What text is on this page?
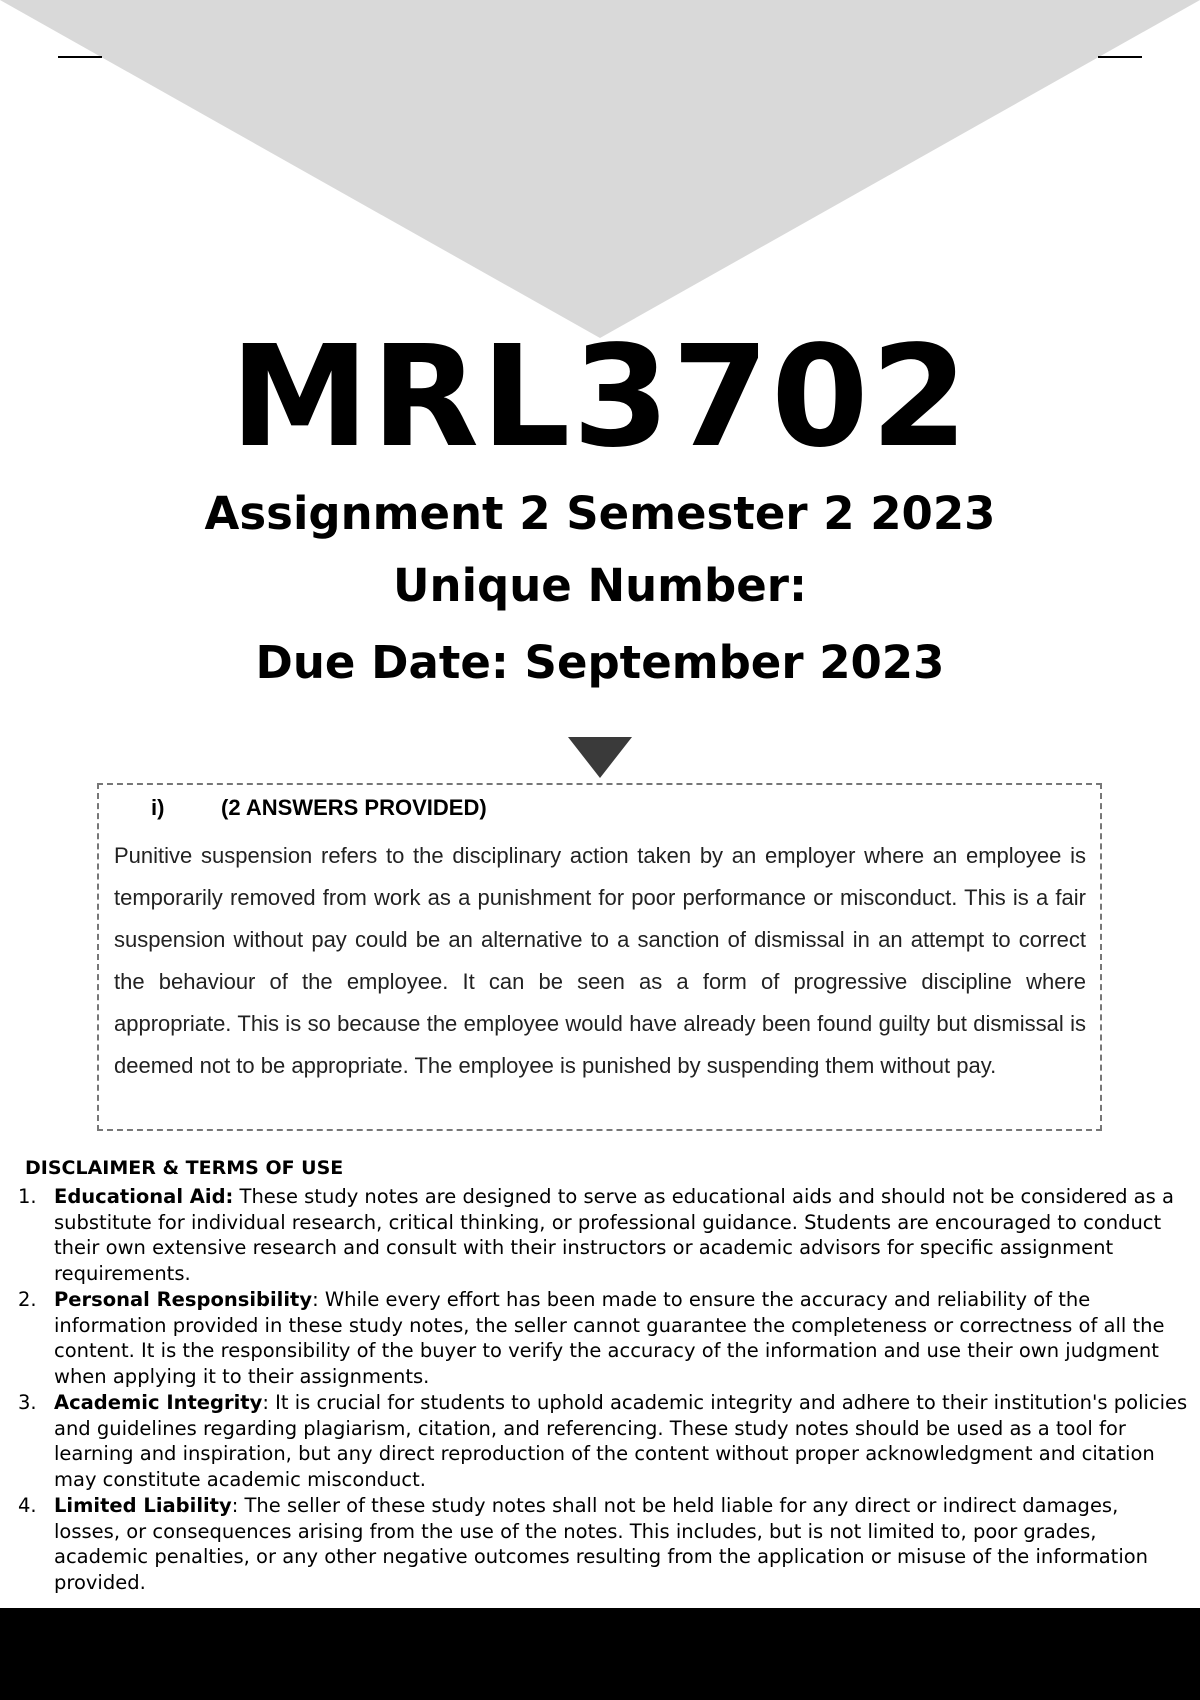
MRL3702
Assignment 2 Semester 2 2023
Unique Number:
Due Date: September 2023
i)	(2 ANSWERS PROVIDED)
Punitive suspension refers to the disciplinary action taken by an employer where an employee is temporarily removed from work as a punishment for poor performance or misconduct. This is a fair suspension without pay could be an alternative to a sanction of dismissal in an attempt to correct the behaviour of the employee. It can be seen as a form of progressive discipline where appropriate. This is so because the employee would have already been found guilty but dismissal is deemed not to be appropriate. The employee is punished by suspending them without pay.
DISCLAIMER & TERMS OF USE
1. Educational Aid: These study notes are designed to serve as educational aids and should not be considered as a substitute for individual research, critical thinking, or professional guidance. Students are encouraged to conduct their own extensive research and consult with their instructors or academic advisors for specific assignment requirements.
2. Personal Responsibility: While every effort has been made to ensure the accuracy and reliability of the information provided in these study notes, the seller cannot guarantee the completeness or correctness of all the content. It is the responsibility of the buyer to verify the accuracy of the information and use their own judgment when applying it to their assignments.
3. Academic Integrity: It is crucial for students to uphold academic integrity and adhere to their institution's policies and guidelines regarding plagiarism, citation, and referencing. These study notes should be used as a tool for learning and inspiration, but any direct reproduction of the content without proper acknowledgment and citation may constitute academic misconduct.
4. Limited Liability: The seller of these study notes shall not be held liable for any direct or indirect damages, losses, or consequences arising from the use of the notes. This includes, but is not limited to, poor grades, academic penalties, or any other negative outcomes resulting from the application or misuse of the information provided.
